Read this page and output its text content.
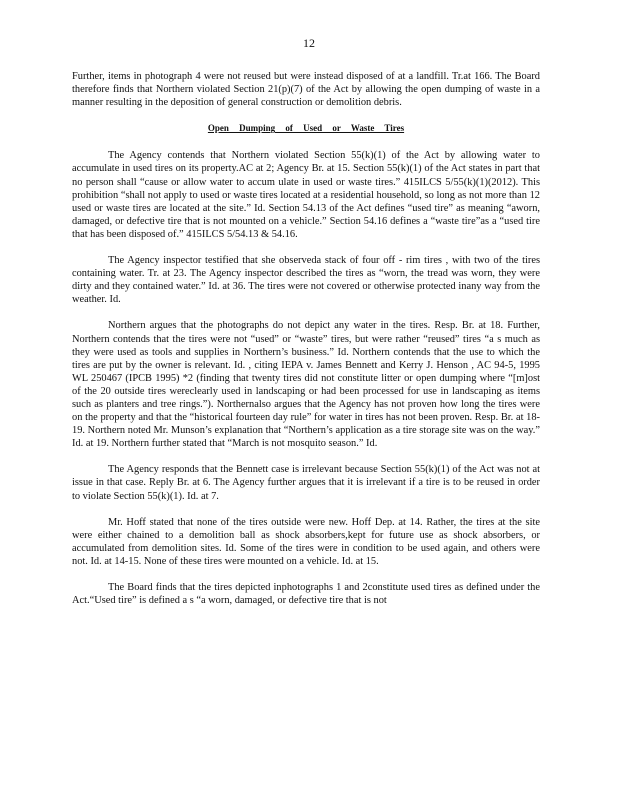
12

Further, items in photograph 4 were not reused but were instead disposed of at a landfill. Tr.at 166. The Board therefore finds that Northern violated Section 21(p)(7) of the Act by allowing the open dumping of waste in a manner resulting in the deposition of general construction or demolition debris.

Open Dumping of Used or Waste Tires

The Agency contends that Northern violated Section 55(k)(1) of the Act by allowing water to accumulate in used tires on its property.AC at 2; Agency Br. at 15. Section 55(k)(1) of the Act states in part that no person shall “cause or allow water to accum ulate in used or waste tires.” 415ILCS 5/55(k)(1)(2012). This prohibition “shall not apply to used or waste tires located at a residential household, so long as not more than 12 used or waste tires are located at the site.” Id. Section 54.13 of the Act defines “used tire” as meaning “aworn, damaged, or defective tire that is not mounted on a vehicle.” Section 54.16 defines a “waste tire”as a “used tire that has been disposed of.” 415ILCS 5/54.13 & 54.16.

The Agency inspector testified that she observeda stack of four off - rim tires , with two of the tires containing water. Tr. at 23. The Agency inspector described the tires as “worn, the tread was worn, they were dirty and they contained water.” Id. at 36. The tires were not covered or otherwise protected inany way from the weather. Id.

Northern argues that the photographs do not depict any water in the tires. Resp. Br. at 18. Further, Northern contends that the tires were not “used” or “waste” tires, but were rather “reused” tires “a s much as they were used as tools and supplies in Northern’s business.” Id. Northern contends that the use to which the tires are put by the owner is relevant. Id. , citing IEPA v. James Bennett and Kerry J. Henson , AC 94-5, 1995 WL 250467 (IPCB 1995) *2 (finding that twenty tires did not constitute litter or open dumping where “[m]ost of the 20 outside tires wereclearly used in landscaping or had been processed for use in landscaping as items such as planters and tree rings.”). Northernalso argues that the Agency has not proven how long the tires were on the property and that the “historical fourteen day rule” for water in tires has not been proven. Resp. Br. at 18-19. Northern noted Mr. Munson’s explanation that “Northern’s application as a tire storage site was on the way.” Id. at 19. Northern further stated that “March is not mosquito season.” Id.

The Agency responds that the Bennett case is irrelevant because Section 55(k)(1) of the Act was not at issue in that case. Reply Br. at 6. The Agency further argues that it is irrelevant if a tire is to be reused in order to violate Section 55(k)(1). Id. at 7.

Mr. Hoff stated that none of the tires outside were new. Hoff Dep. at 14. Rather, the tires at the site were either chained to a demolition ball as shock absorbers,kept for future use as shock absorbers, or accumulated from demolition sites. Id. Some of the tires were in condition to be used again, and others were not. Id. at 14-15. None of these tires were mounted on a vehicle. Id. at 15.

The Board finds that the tires depicted inphotographs 1 and 2constitute used tires as defined under the Act.“Used tire” is defined a s “a worn, damaged, or defective tire that is not
